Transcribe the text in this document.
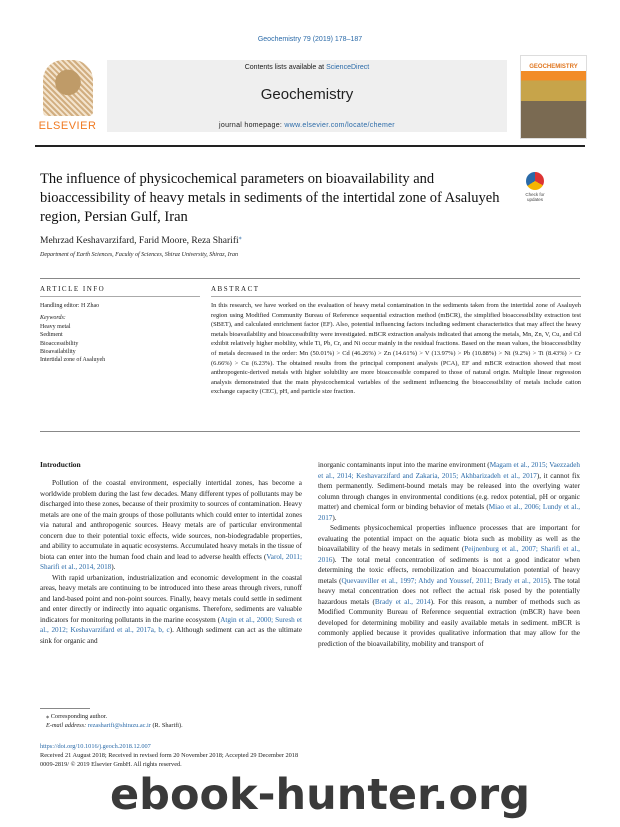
Geochemistry 79 (2019) 178–187
ELSEVIER
Contents lists available at ScienceDirect
Geochemistry
journal homepage: www.elsevier.com/locate/chemer
GEOCHEMISTRY
The influence of physicochemical parameters on bioavailability and bioaccessibility of heavy metals in sediments of the intertidal zone of Asaluyeh region, Persian Gulf, Iran
Check for updates
Mehrzad Keshavarzifard, Farid Moore, Reza Sharifi⁎
Department of Earth Sciences, Faculty of Sciences, Shiraz University, Shiraz, Iran
ARTICLE INFO	ABSTRACT
Handling editor: H Zhao
Keywords:
Heavy metal
Sediment
Bioaccessibility
Bioavailability
Intertidal zone of Asaluyeh
In this research, we have worked on the evaluation of heavy metal contamination in the sediments taken from the intertidal zone of Asaluyeh region using Modified Community Bureau of Reference sequential extraction method (mBCR), the simplified bioaccessibility extraction test (SBET), and calculated enrichment factor (EF). Also, potential influencing factors including sediment characteristics that may affect the heavy metals bioavailability and bioaccessibility were investigated. mBCR extraction analysis indicated that among the metals, Mn, Zn, V, Cu, and Cd exhibit relatively higher mobility, while Ti, Pb, Cr, and Ni occur mainly in the residual fractions. Based on the mean values, the bioaccessibility of metals decreased in the order: Mn (50.01%) > Cd (46.26%) > Zn (14.61%) > V (13.97%) > Pb (10.88%) > Ni (9.2%) > Ti (8.43%) > Cr (6.66%) > Cu (6.23%). The obtained results from the principal component analysis (PCA), EF and mBCR extraction showed that most anthropogenic-derived metals with higher solubility are more bioaccessible compared to those of natural origin. Multiple linear regression analysis demonstrated that the main physicochemical variables of the sediment influencing the bioaccessibility of metals include cation exchange capacity (CEC), pH, and particle size fraction.
Introduction

Pollution of the coastal environment, especially intertidal zones, has become a worldwide problem during the last few decades. Many different types of pollutants may be discharged into these zones, because of their proximity to sources of contamination. Heavy metals are one of the main groups of those pollutants which could enter to intertidal zones via natural and anthropogenic sources. Heavy metals are of particular environmental concern due to their potential toxic effects, wide sources, non-biodegradable properties, and ability to accumulate in aquatic ecosystems. Accumulated heavy metals in the tissue of biota can enter into the human food chain and lead to adverse health effects (Varol, 2011; Sharifi et al., 2014, 2018).

With rapid urbanization, industrialization and economic development in the coastal areas, heavy metals are continuing to be introduced into these areas through rivers, runoff and land-based point and non-point sources. Finally, heavy metals could settle in sediment and enter directly or indirectly into aquatic organisms. Therefore, sediments are valuable indicators for monitoring pollutants in the marine ecosystem (Atgin et al., 2000; Suresh et al., 2012; Keshavarzifard et al., 2017a, b, c). Although sediment can act as the ultimate sink for organic and

inorganic contaminants input into the marine environment (Magam et al., 2015; Vaezzadeh et al., 2014; Keshavarzifard and Zakaria, 2015; Akhbarizadeh et al., 2017), it cannot fix them permanently. Sediment-bound metals may be released into the overlying water column through changes in environmental conditions (e.g. redox potential, pH or organic matter) and chemical form or binding behavior of metals (Miao et al., 2006; Lundy et al., 2017).

Sediments physicochemical properties influence processes that are important for evaluating the potential impact on the aquatic biota such as mobility as well as the bioavailability of the heavy metals in sediment (Peijnenburg et al., 2007; Sharifi et al., 2016). The total metal concentration of sediments is not a good indicator when determining the toxic effects, remobilization and bioaccumulation potential of heavy metals (Quevauviller et al., 1997; Ahdy and Youssef, 2011; Brady et al., 2015). The total heavy metal concentration does not reflect the actual risk posed by the potentially hazardous metals (Brady et al., 2014). For this reason, a number of methods such as Modified Community Bureau of Reference sequential extraction (mBCR) have been developed for determining mobility and easily available metals in sediment. mBCR is commonly applied because it provides qualitative information that may allow for the prediction of the bioavailability, mobility and transport of

⁎ Corresponding author.
E-mail address: rezasharifi@shirazu.ac.ir (R. Sharifi).
https://doi.org/10.1016/j.geoch.2018.12.007
Received 21 August 2018; Received in revised form 20 November 2018; Accepted 29 December 2018
0009-2819/ © 2019 Elsevier GmbH. All rights reserved.
ebook-hunter.org
